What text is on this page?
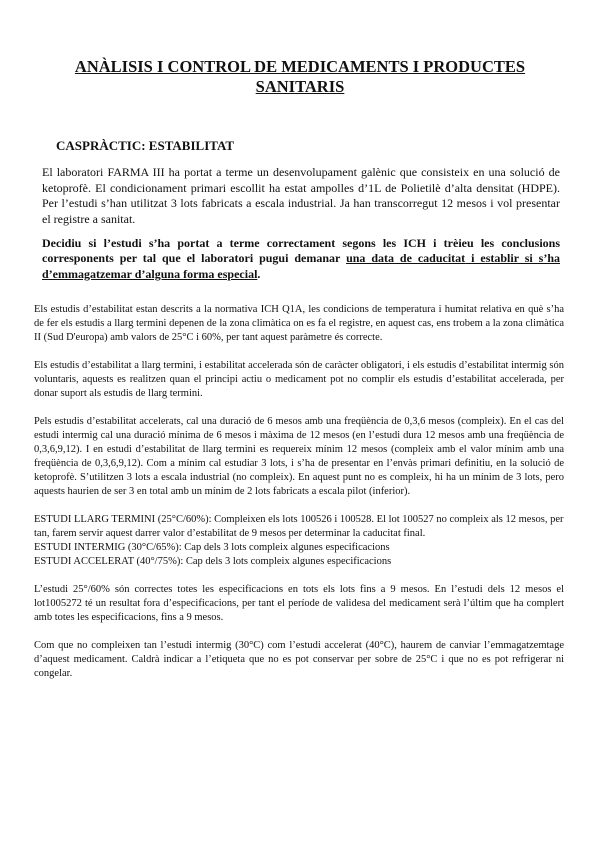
ANÀLISIS I CONTROL DE MEDICAMENTS I PRODUCTES SANITARIS
CASPRÀCTIC: ESTABILITAT
El laboratori FARMA III ha portat a terme un desenvolupament galènic que consisteix en una solució de ketoprofè. El condicionament primari escollit ha estat ampolles d’1L de Polietilè d’alta densitat (HDPE). Per l’estudi s’han utilitzat 3 lots fabricats a escala industrial. Ja han transcorregut 12 mesos i vol presentar el registre a sanitat.
Decidiu si l’estudi s’ha portat a terme correctament segons les ICH i trèieu les conclusions corresponents per tal que el laboratori pugui demanar una data de caducitat i establir si s’ha d’emmagatzemar d’alguna forma especial.

Els estudis d’estabilitat estan descrits a la normativa ICH Q1A, les condicions de temperatura i humitat relativa en què s’ha de fer els estudis a llarg termini depenen de la zona climàtica on es fa el registre, en aquest cas, ens trobem a la zona climàtica II (Sud D'europa) amb valors de 25°C i 60%, per tant aquest paràmetre és correcte.

Els estudis d’estabilitat a llarg termini, i estabilitat accelerada són de caràcter obligatori, i els estudis d’estabilitat intermig són voluntaris, aquests es realitzen quan el principi actiu o medicament pot no complir els estudis d’estabilitat accelerada, per donar suport als estudis de llarg termini.

Pels estudis d’estabilitat accelerats, cal una duració de 6 mesos amb una freqüència de 0,3,6 mesos (compleix). En el cas del estudi intermig cal una duració mínima de 6 mesos i màxima de 12 mesos (en l’estudi dura 12 mesos amb una freqüència de 0,3,6,9,12). I en estudi d’estabilitat de llarg termini es requereix mínim 12 mesos (compleix amb el valor mínim amb una freqüència de 0,3,6,9,12). Com a mínim cal estudiar 3 lots, i s’ha de presentar en l’envàs primari definitiu, en la solució de ketoprofè. S’utilitzen 3 lots a escala industrial (no compleix). En aquest punt no es compleix, hi ha un mínim de 3 lots, pero aquests haurien de ser 3 en total amb un mínim de 2 lots fabricats a escala pilot (inferior).

ESTUDI LLARG TERMINI (25°C/60%): Compleixen els lots 100526 i 100528. El lot 100527 no compleix als 12 mesos, per tan, farem servir aquest darrer valor d’estabilitat de 9 mesos per determinar la caducitat final.
ESTUDI INTERMIG (30°C/65%): Cap dels 3 lots compleix algunes especificacions
ESTUDI ACCELERAT (40°/75%): Cap dels 3 lots compleix algunes especificacions

L’estudi 25°/60% són correctes totes les especificacions en tots els lots fins a 9 mesos. En l’estudi dels 12 mesos el lot1005272 té un resultat fora d’especificacions, per tant el període de validesa del medicament serà l’últim que ha complert amb totes les especificacions, fins a 9 mesos.

Com que no compleixen tan l’estudi intermig (30°C) com l’estudi accelerat (40°C), haurem de canviar l’emmagatzemtage d’aquest medicament. Caldrà indicar a l’etiqueta que no es pot conservar per sobre de 25°C i que no es pot refrigerar ni congelar.
